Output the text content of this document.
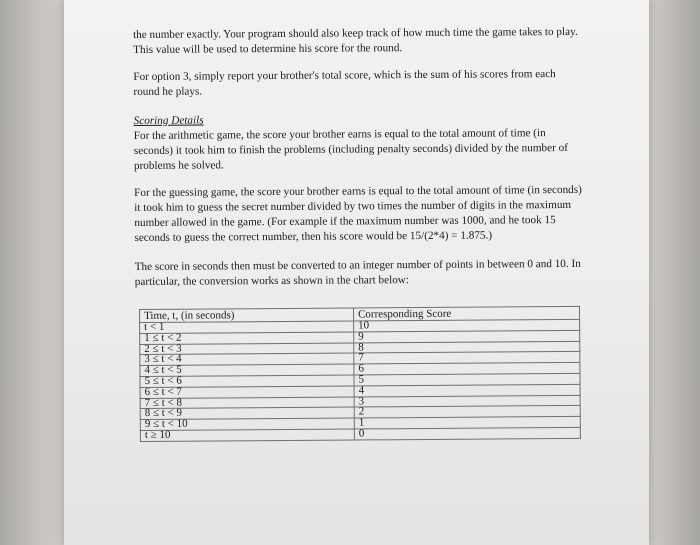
the number exactly. Your program should also keep track of how much time the game takes to play. This value will be used to determine his score for the round.

For option 3, simply report your brother's total score, which is the sum of his scores from each round he plays.

Scoring Details

For the arithmetic game, the score your brother earns is equal to the total amount of time (in seconds) it took him to finish the problems (including penalty seconds) divided by the number of problems he solved.

For the guessing game, the score your brother earns is equal to the total amount of time (in seconds) it took him to guess the secret number divided by two times the number of digits in the maximum number allowed in the game. (For example if the maximum number was 1000, and he took 15 seconds to guess the correct number, then his score would be 15/(2*4) = 1.875.)

The score in seconds then must be converted to an integer number of points in between 0 and 10. In particular, the conversion works as shown in the chart below:

Time, t, (in seconds)	Corresponding Score
t < 1	10
1 ≤ t < 2	9
2 ≤ t < 3	8
3 ≤ t < 4	7
4 ≤ t < 5	6
5 ≤ t < 6	5
6 ≤ t < 7	4
7 ≤ t < 8	3
8 ≤ t < 9	2
9 ≤ t < 10	1
t ≥ 10	0
